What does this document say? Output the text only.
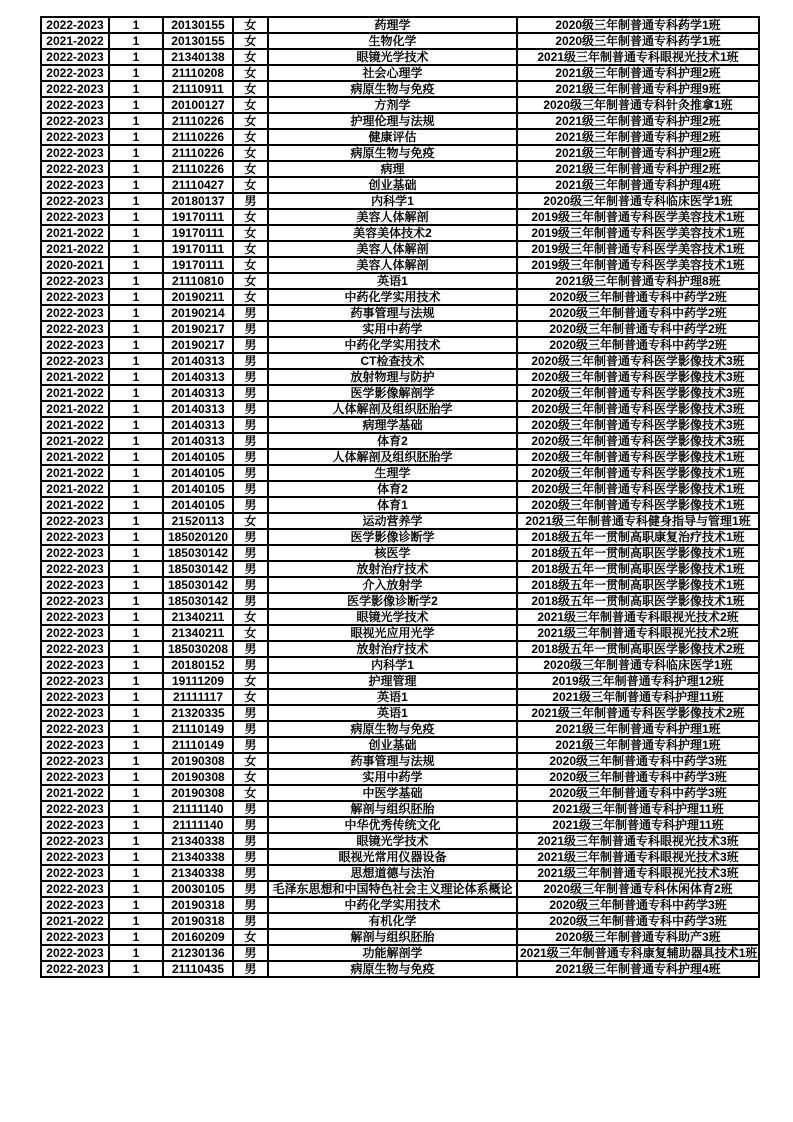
2022-2023	1	20130155	女	药理学	2020级三年制普通专科药学1班
2021-2022	1	20130155	女	生物化学	2020级三年制普通专科药学1班
2022-2023	1	21340138	女	眼镜光学技术	2021级三年制普通专科眼视光技术1班
2022-2023	1	21110208	女	社会心理学	2021级三年制普通专科护理2班
2022-2023	1	21110911	女	病原生物与免疫	2021级三年制普通专科护理9班
2022-2023	1	20100127	女	方剂学	2020级三年制普通专科针灸推拿1班
2022-2023	1	21110226	女	护理伦理与法规	2021级三年制普通专科护理2班
2022-2023	1	21110226	女	健康评估	2021级三年制普通专科护理2班
2022-2023	1	21110226	女	病原生物与免疫	2021级三年制普通专科护理2班
2022-2023	1	21110226	女	病理	2021级三年制普通专科护理2班
2022-2023	1	21110427	女	创业基础	2021级三年制普通专科护理4班
2022-2023	1	20180137	男	内科学1	2020级三年制普通专科临床医学1班
2022-2023	1	19170111	女	美容人体解剖	2019级三年制普通专科医学美容技术1班
2021-2022	1	19170111	女	美容美体技术2	2019级三年制普通专科医学美容技术1班
2021-2022	1	19170111	女	美容人体解剖	2019级三年制普通专科医学美容技术1班
2020-2021	1	19170111	女	美容人体解剖	2019级三年制普通专科医学美容技术1班
2022-2023	1	21110810	女	英语1	2021级三年制普通专科护理8班
2022-2023	1	20190211	女	中药化学实用技术	2020级三年制普通专科中药学2班
2022-2023	1	20190214	男	药事管理与法规	2020级三年制普通专科中药学2班
2022-2023	1	20190217	男	实用中药学	2020级三年制普通专科中药学2班
2022-2023	1	20190217	男	中药化学实用技术	2020级三年制普通专科中药学2班
2022-2023	1	20140313	男	CT检查技术	2020级三年制普通专科医学影像技术3班
2021-2022	1	20140313	男	放射物理与防护	2020级三年制普通专科医学影像技术3班
2021-2022	1	20140313	男	医学影像解剖学	2020级三年制普通专科医学影像技术3班
2021-2022	1	20140313	男	人体解剖及组织胚胎学	2020级三年制普通专科医学影像技术3班
2021-2022	1	20140313	男	病理学基础	2020级三年制普通专科医学影像技术3班
2021-2022	1	20140313	男	体育2	2020级三年制普通专科医学影像技术3班
2021-2022	1	20140105	男	人体解剖及组织胚胎学	2020级三年制普通专科医学影像技术1班
2021-2022	1	20140105	男	生理学	2020级三年制普通专科医学影像技术1班
2021-2022	1	20140105	男	体育2	2020级三年制普通专科医学影像技术1班
2021-2022	1	20140105	男	体育1	2020级三年制普通专科医学影像技术1班
2022-2023	1	21520113	女	运动营养学	2021级三年制普通专科健身指导与管理1班
2022-2023	1	185020120	男	医学影像诊断学	2018级五年一贯制高职康复治疗技术1班
2022-2023	1	185030142	男	核医学	2018级五年一贯制高职医学影像技术1班
2022-2023	1	185030142	男	放射治疗技术	2018级五年一贯制高职医学影像技术1班
2022-2023	1	185030142	男	介入放射学	2018级五年一贯制高职医学影像技术1班
2022-2023	1	185030142	男	医学影像诊断学2	2018级五年一贯制高职医学影像技术1班
2022-2023	1	21340211	女	眼镜光学技术	2021级三年制普通专科眼视光技术2班
2022-2023	1	21340211	女	眼视光应用光学	2021级三年制普通专科眼视光技术2班
2022-2023	1	185030208	男	放射治疗技术	2018级五年一贯制高职医学影像技术2班
2022-2023	1	20180152	男	内科学1	2020级三年制普通专科临床医学1班
2022-2023	1	19111209	女	护理管理	2019级三年制普通专科护理12班
2022-2023	1	21111117	女	英语1	2021级三年制普通专科护理11班
2022-2023	1	21320335	男	英语1	2021级三年制普通专科医学影像技术2班
2022-2023	1	21110149	男	病原生物与免疫	2021级三年制普通专科护理1班
2022-2023	1	21110149	男	创业基础	2021级三年制普通专科护理1班
2022-2023	1	20190308	女	药事管理与法规	2020级三年制普通专科中药学3班
2022-2023	1	20190308	女	实用中药学	2020级三年制普通专科中药学3班
2021-2022	1	20190308	女	中医学基础	2020级三年制普通专科中药学3班
2022-2023	1	21111140	男	解剖与组织胚胎	2021级三年制普通专科护理11班
2022-2023	1	21111140	男	中华优秀传统文化	2021级三年制普通专科护理11班
2022-2023	1	21340338	男	眼镜光学技术	2021级三年制普通专科眼视光技术3班
2022-2023	1	21340338	男	眼视光常用仪器设备	2021级三年制普通专科眼视光技术3班
2022-2023	1	21340338	男	思想道德与法治	2021级三年制普通专科眼视光技术3班
2022-2023	1	20030105	男	毛泽东思想和中国特色社会主义理论体系概论	2020级三年制普通专科休闲体育2班
2022-2023	1	20190318	男	中药化学实用技术	2020级三年制普通专科中药学3班
2021-2022	1	20190318	男	有机化学	2020级三年制普通专科中药学3班
2022-2023	1	20160209	女	解剖与组织胚胎	2020级三年制普通专科助产3班
2022-2023	1	21230136	男	功能解剖学	2021级三年制普通专科康复辅助器具技术1班
2022-2023	1	21110435	男	病原生物与免疫	2021级三年制普通专科护理4班
